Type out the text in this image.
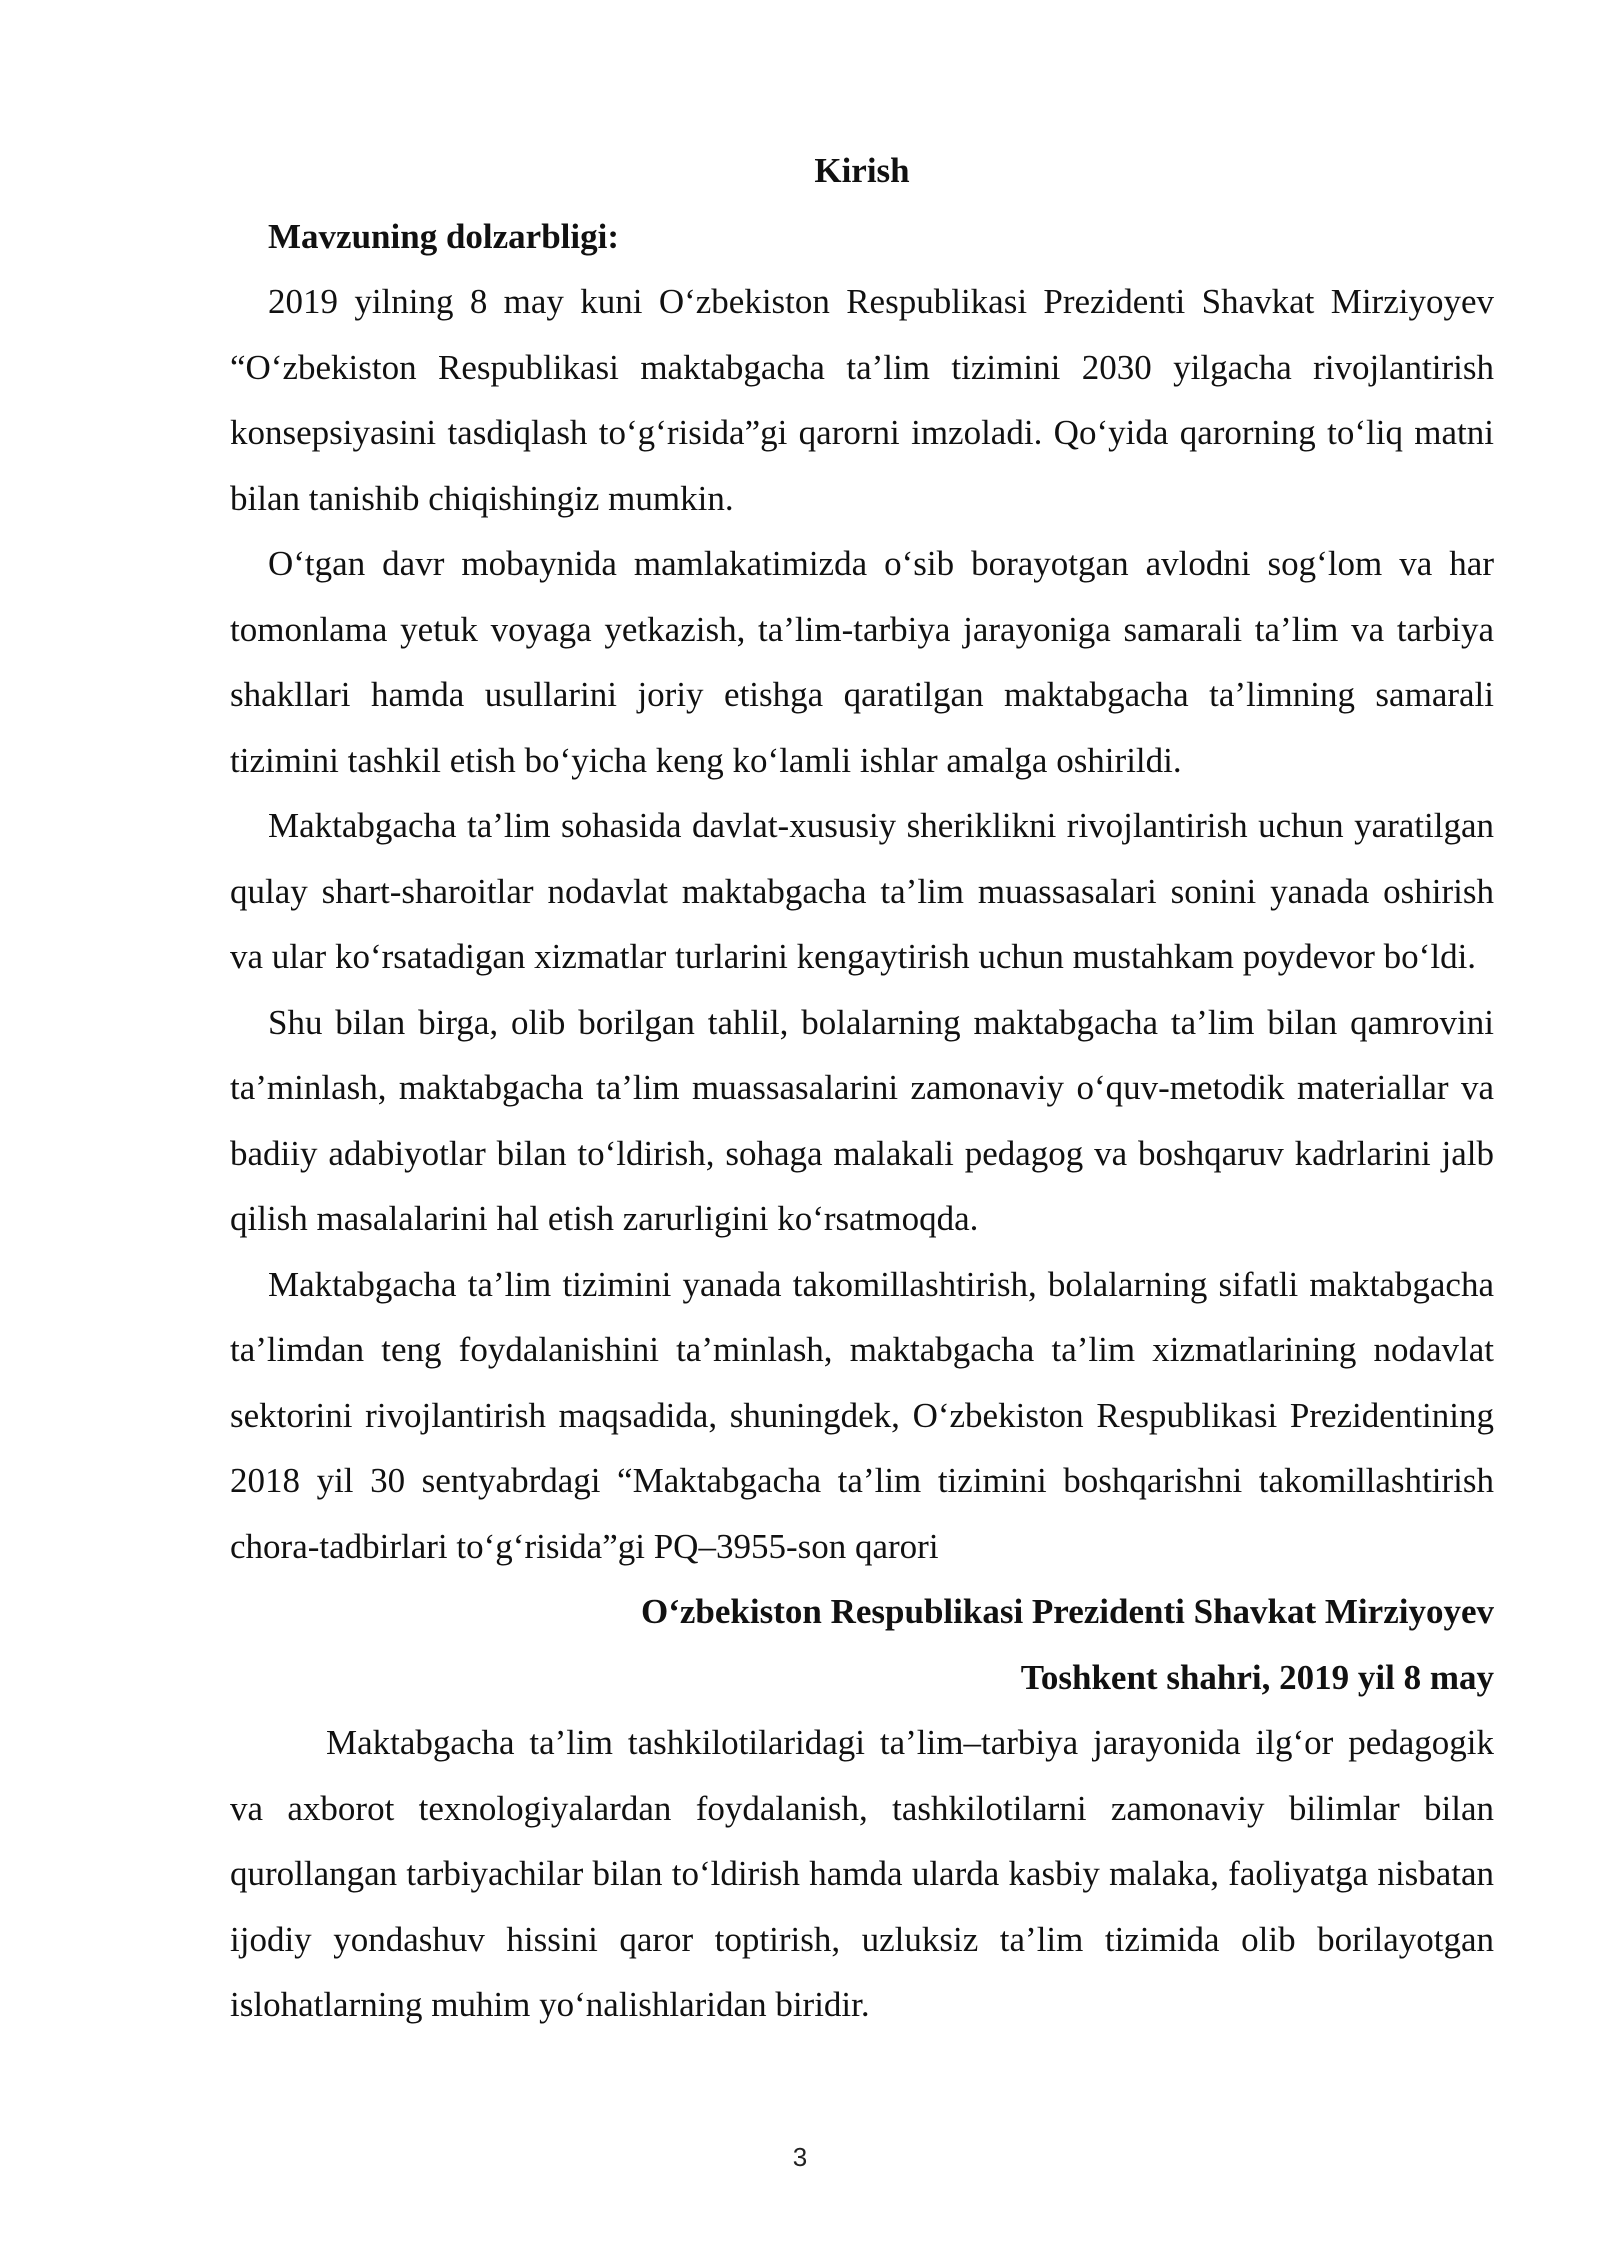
Kirish

Mavzuning dolzarbligi:

2019 yilning 8 may kuni Oʻzbekiston Respublikasi Prezidenti Shavkat Mirziyoyev “Oʻzbekiston Respublikasi maktabgacha ta’lim tizimini 2030 yilgacha rivojlantirish konsepsiyasini tasdiqlash toʻgʻrisida”gi qarorni imzoladi. Qoʻyida qarorning toʻliq matni bilan tanishib chiqishingiz mumkin.

Oʻtgan davr mobaynida mamlakatimizda oʻsib borayotgan avlodni sogʻlom va har tomonlama yetuk voyaga yetkazish, ta’lim-tarbiya jarayoniga samarali ta’lim va tarbiya shakllari hamda usullarini joriy etishga qaratilgan maktabgacha ta’limning samarali tizimini tashkil etish boʻyicha keng koʻlamli ishlar amalga oshirildi.

Maktabgacha ta’lim sohasida davlat-xususiy sheriklikni rivojlantirish uchun yaratilgan qulay shart-sharoitlar nodavlat maktabgacha ta’lim muassasalari sonini yanada oshirish va ular koʻrsatadigan xizmatlar turlarini kengaytirish uchun mustahkam poydevor boʻldi.

Shu bilan birga, olib borilgan tahlil, bolalarning maktabgacha ta’lim bilan qamrovini ta’minlash, maktabgacha ta’lim muassasalarini zamonaviy oʻquv-metodik materiallar va badiiy adabiyotlar bilan toʻldirish, sohaga malakali pedagog va boshqaruv kadrlarini jalb qilish masalalarini hal etish zarurligini koʻrsatmoqda.

Maktabgacha ta’lim tizimini yanada takomillashtirish, bolalarning sifatli maktabgacha ta’limdan teng foydalanishini ta’minlash, maktabgacha ta’lim xizmatlarining nodavlat sektorini rivojlantirish maqsadida, shuningdek, Oʻzbekiston Respublikasi Prezidentining 2018 yil 30 sentyabrdagi “Maktabgacha ta’lim tizimini boshqarishni takomillashtirish chora-tadbirlari toʻgʻrisida”gi PQ–3955-son qarori

Oʻzbekiston Respublikasi Prezidenti Shavkat Mirziyoyev

Toshkent shahri, 2019 yil 8 may

Maktabgacha ta’lim tashkilotilaridagi ta’lim–tarbiya jarayonida ilgʻor pedagogik va axborot texnologiyalardan foydalanish, tashkilotilarni zamonaviy bilimlar bilan qurollangan tarbiyachilar bilan toʻldirish hamda ularda kasbiy malaka, faoliyatga nisbatan ijodiy yondashuv hissini qaror toptirish, uzluksiz ta’lim tizimida olib borilayotgan islohatlarning muhim yoʻnalishlaridan biridir.

3
